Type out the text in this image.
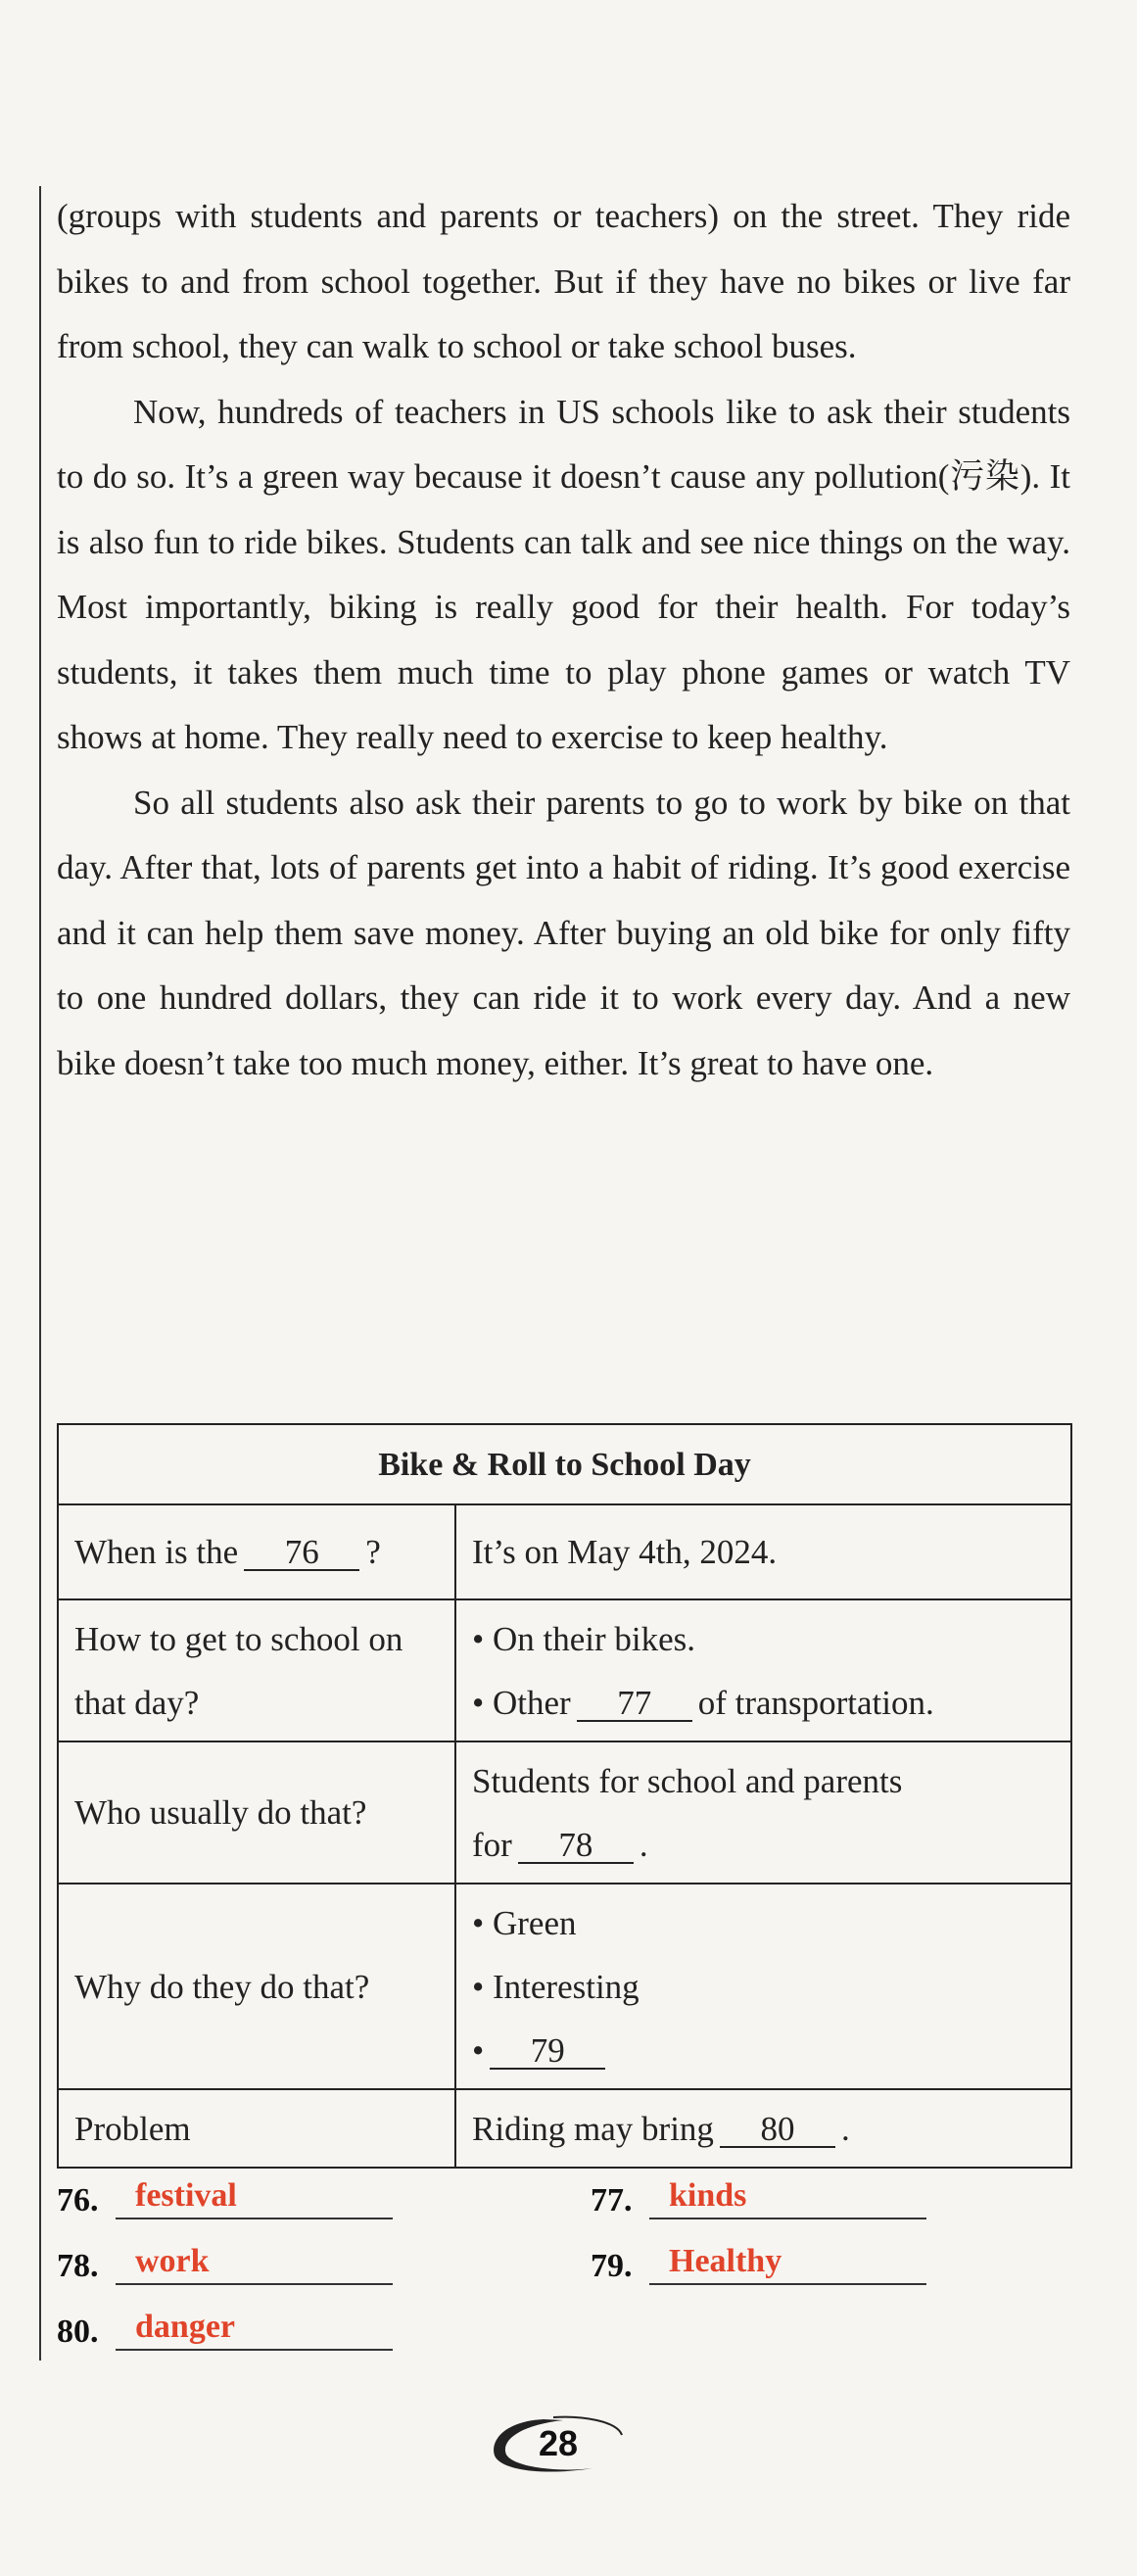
(groups with students and parents or teachers) on the street. They ride bikes to and from school together. But if they have no bikes or live far from school, they can walk to school or take school buses.

Now, hundreds of teachers in US schools like to ask their students to do so. It’s a green way because it doesn’t cause any pollution(污染). It is also fun to ride bikes. Students can talk and see nice things on the way. Most importantly, biking is really good for their health. For today’s students, it takes them much time to play phone games or watch TV shows at home. They really need to exercise to keep healthy.

So all students also ask their parents to go to work by bike on that day. After that, lots of parents get into a habit of riding. It’s good exercise and it can help them save money. After buying an old bike for only fifty to one hundred dollars, they can ride it to work every day. And a new bike doesn’t take too much money, either. It’s great to have one.

Bike & Roll to School Day	
When is the 76 ?	It’s on May 4th, 2024.
How to get to school on that day?	• On their bikes.
• Other 77 of transportation.

Who usually do that?	Students for school and parents
for 78 .

Why do they do that?	• Green
• Interesting
• 79

Problem	Riding may bring 80 .
76.	festival	77.	kinds
78.	work	79.	Healthy
80.	danger
28
